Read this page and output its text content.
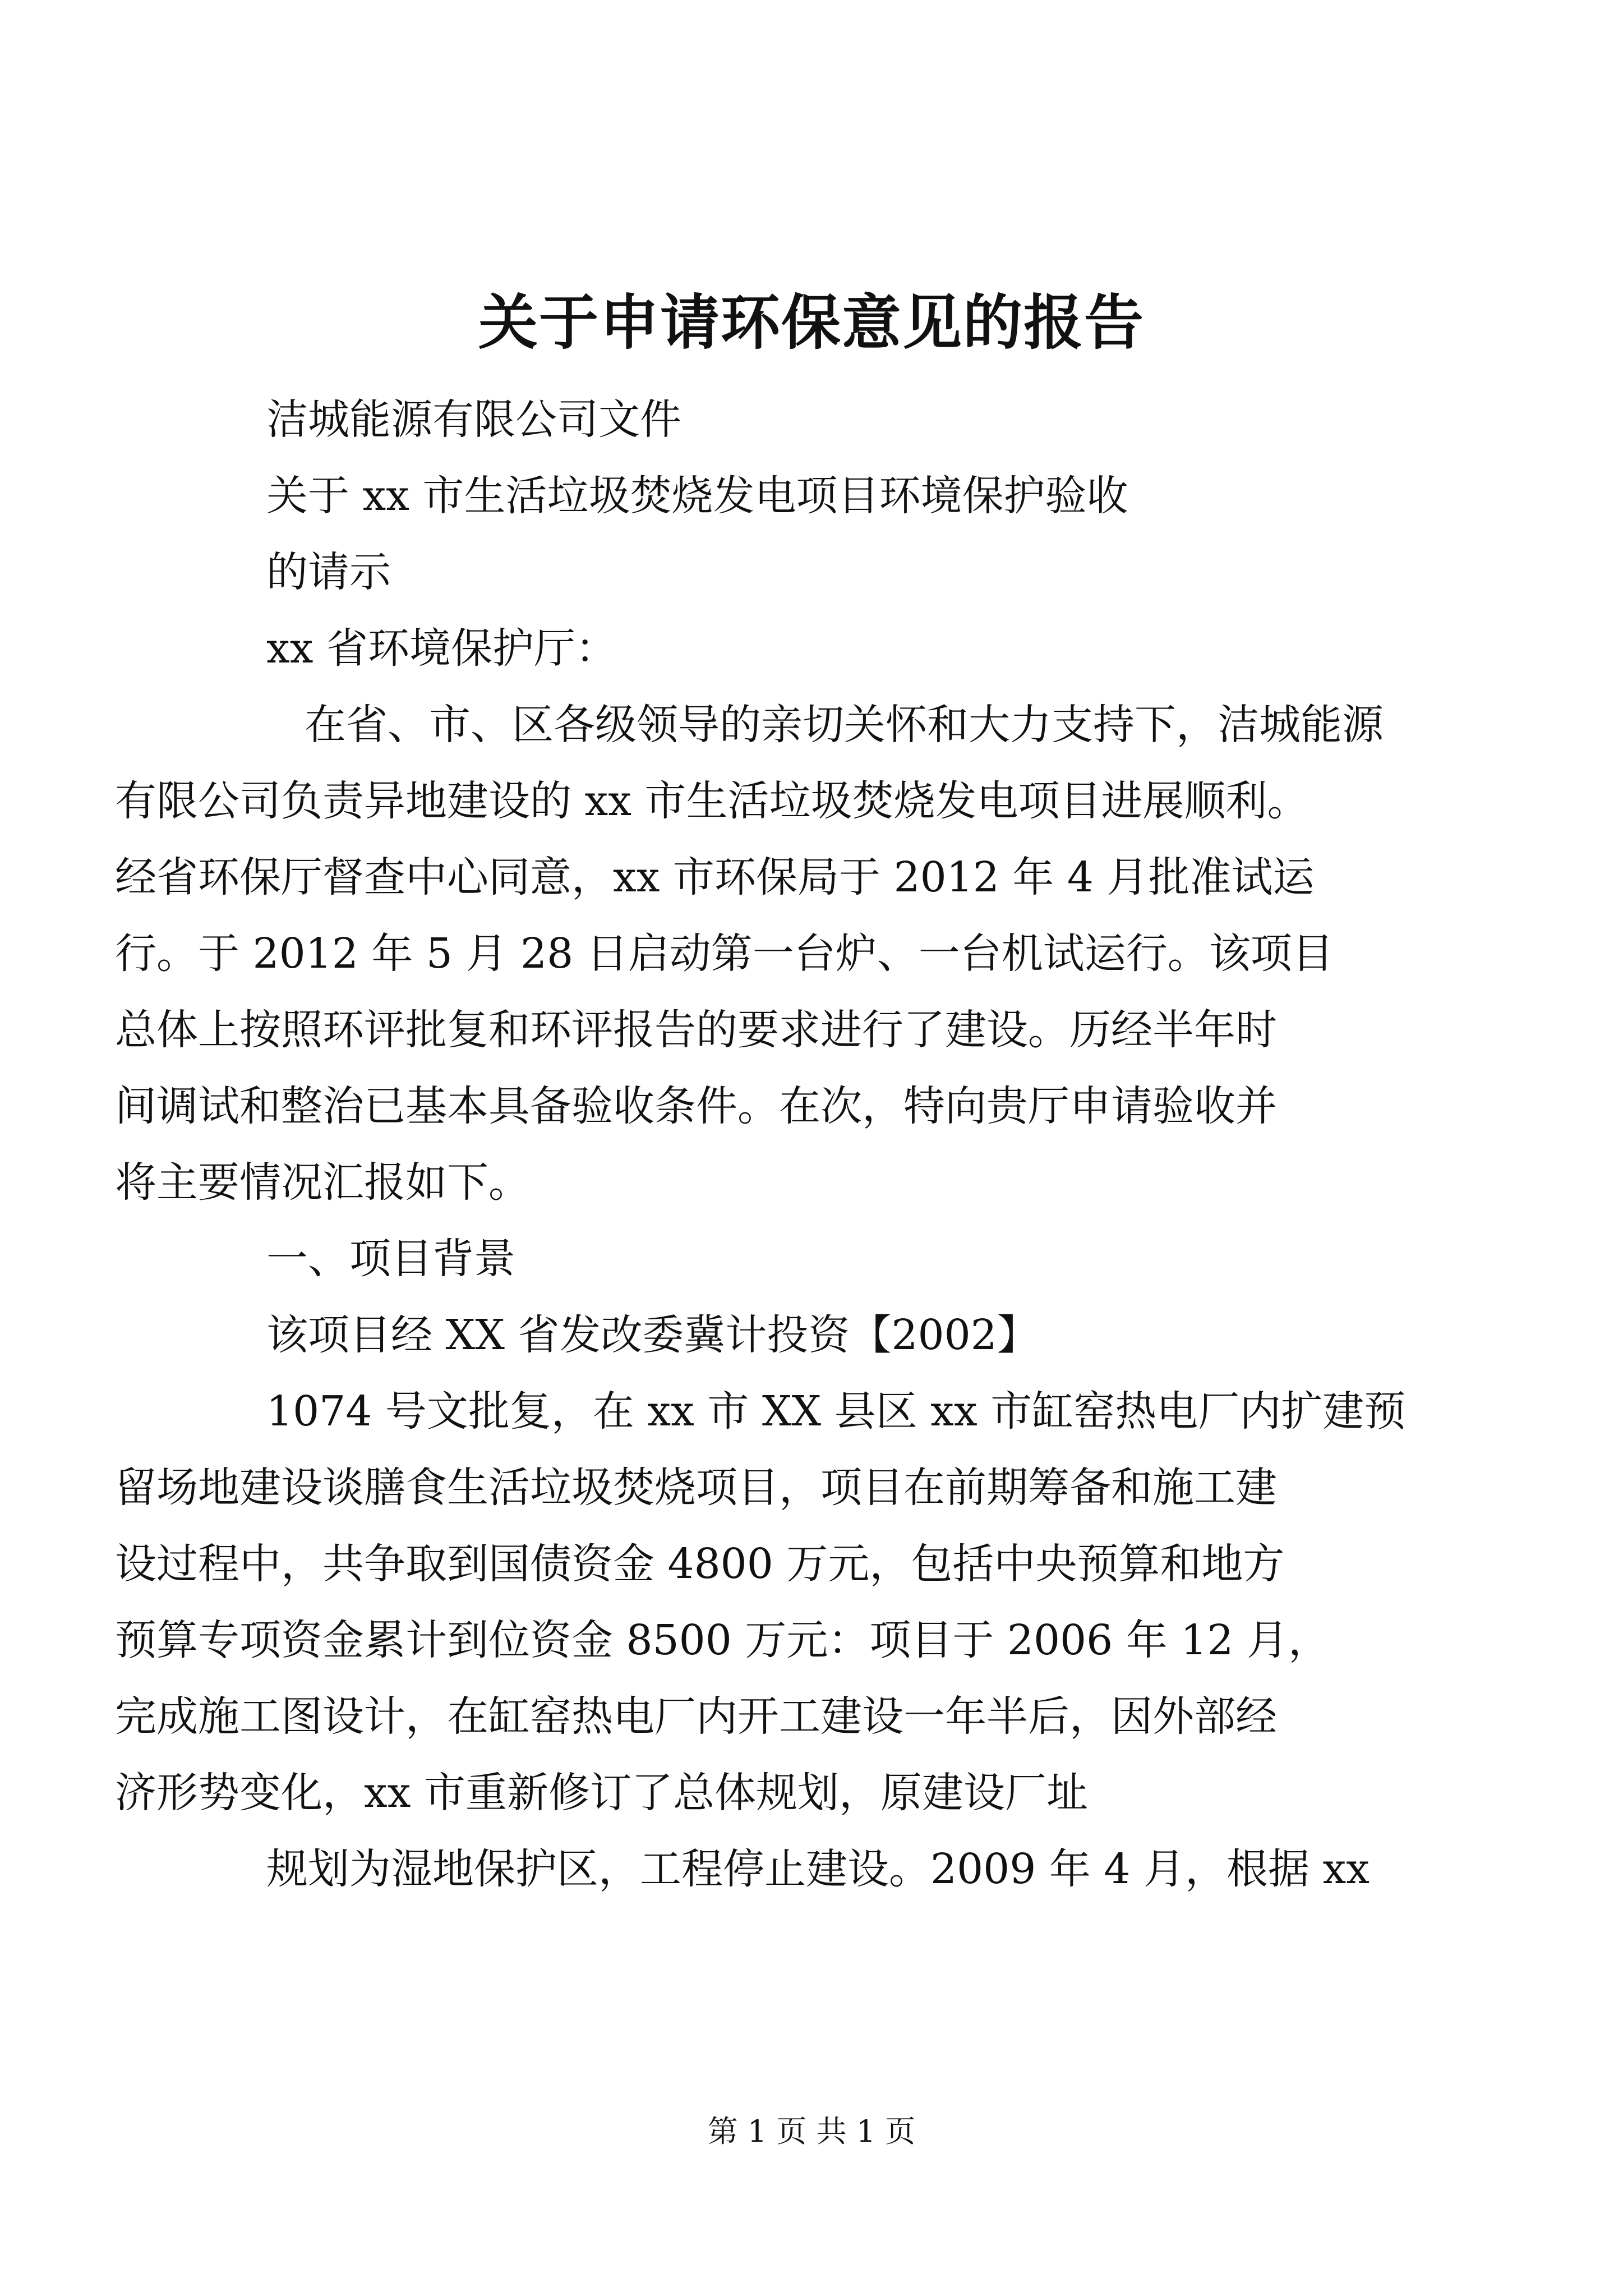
关于申请环保意见的报告
洁城能源有限公司文件
关于 xx 市生活垃圾焚烧发电项目环境保护验收
的请示
xx 省环境保护厅：
在省、市、区各级领导的亲切关怀和大力支持下，洁城能源
有限公司负责异地建设的 xx 市生活垃圾焚烧发电项目进展顺利。
经省环保厅督查中心同意，xx 市环保局于 2012 年 4 月批准试运
行。于 2012 年 5 月 28 日启动第一台炉、一台机试运行。该项目
总体上按照环评批复和环评报告的要求进行了建设。历经半年时
间调试和整治已基本具备验收条件。在次，特向贵厅申请验收并
将主要情况汇报如下。
一、项目背景
该项目经 XX 省发改委冀计投资【2002】
1074 号文批复，在 xx 市 XX 县区 xx 市缸窑热电厂内扩建预
留场地建设谈膳食生活垃圾焚烧项目，项目在前期筹备和施工建
设过程中，共争取到国债资金 4800 万元，包括中央预算和地方
预算专项资金累计到位资金 8500 万元：项目于 2006 年 12 月，
完成施工图设计，在缸窑热电厂内开工建设一年半后，因外部经
济形势变化，xx 市重新修订了总体规划，原建设厂址
规划为湿地保护区，工程停止建设。2009 年 4 月，根据 xx
第 1 页 共 1 页
